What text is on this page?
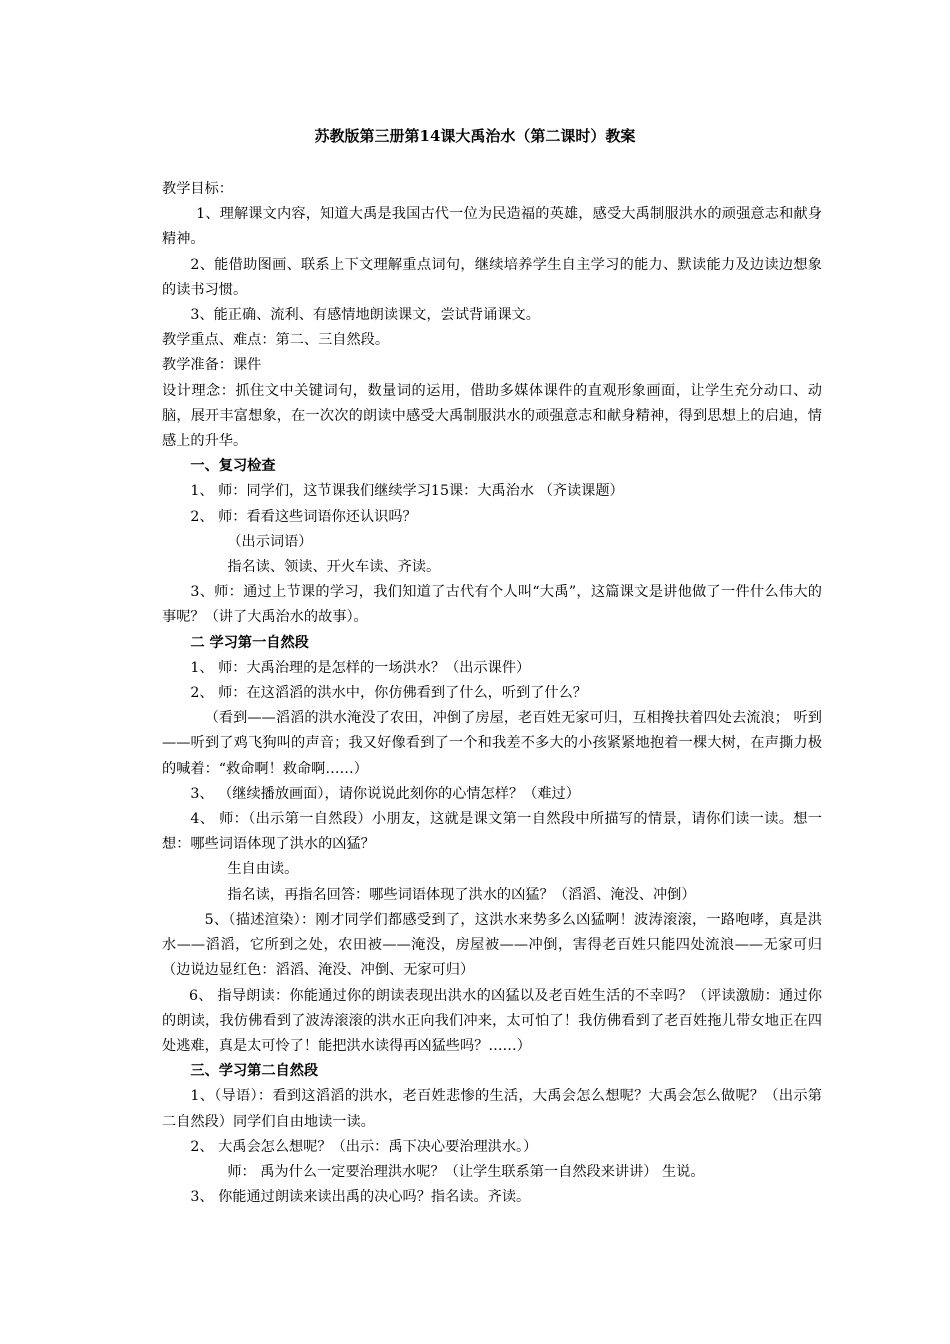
苏教版第三册第14课大禹治水（第二课时）教案

教学目标：

1、理解课文内容，知道大禹是我国古代一位为民造福的英雄，感受大禹制服洪水的顽强意志和献身精神。

2、能借助图画、联系上下文理解重点词句，继续培养学生自主学习的能力、默读能力及边读边想象的读书习惯。

3、能正确、流利、有感情地朗读课文，尝试背诵课文。

教学重点、难点：第二、三自然段。

教学准备：课件

设计理念：抓住文中关键词句，数量词的运用，借助多媒体课件的直观形象画面，让学生充分动口、动脑，展开丰富想象，在一次次的朗读中感受大禹制服洪水的顽强意志和献身精神，得到思想上的启迪，情感上的升华。

一、复习检查

1、 师：同学们，这节课我们继续学习15课：大禹治水 （齐读课题）

2、 师：看看这些词语你还认识吗？

（出示词语）

指名读、领读、开火车读、齐读。

3、师：通过上节课的学习，我们知道了古代有个人叫“大禹”，这篇课文是讲他做了一件什么伟大的事呢？（讲了大禹治水的故事）。

二 学习第一自然段

1、 师：大禹治理的是怎样的一场洪水？（出示课件）

2、 师：在这滔滔的洪水中，你仿佛看到了什么，听到了什么？

（看到——滔滔的洪水淹没了农田，冲倒了房屋，老百姓无家可归，互相搀扶着四处去流浪； 听到——听到了鸡飞狗叫的声音；我又好像看到了一个和我差不多大的小孩紧紧地抱着一棵大树，在声撕力极的喊着：“救命啊！救命啊……）

3、 （继续播放画面），请你说说此刻你的心情怎样？（难过）

4、 师：（出示第一自然段）小朋友，这就是课文第一自然段中所描写的情景，请你们读一读。想一想：哪些词语体现了洪水的凶猛？

生自由读。

指名读，再指名回答：哪些词语体现了洪水的凶猛？（滔滔、淹没、冲倒）

5、（描述渲染）：刚才同学们都感受到了，这洪水来势多么凶猛啊！波涛滚滚，一路咆哮，真是洪水——滔滔，它所到之处，农田被——淹没，房屋被——冲倒，害得老百姓只能四处流浪——无家可归（边说边显红色：滔滔、淹没、冲倒、无家可归）

6、 指导朗读：你能通过你的朗读表现出洪水的凶猛以及老百姓生活的不幸吗？（评读激励：通过你的朗读，我仿佛看到了波涛滚滚的洪水正向我们冲来，太可怕了！我仿佛看到了老百姓拖儿带女地正在四处逃难，真是太可怜了！能把洪水读得再凶猛些吗？……）

三、学习第二自然段

1、（导语）：看到这滔滔的洪水，老百姓悲惨的生活，大禹会怎么想呢？大禹会怎么做呢？（出示第二自然段）同学们自由地读一读。

2、 大禹会怎么想呢？（出示：禹下决心要治理洪水。）

师： 禹为什么一定要治理洪水呢？（让学生联系第一自然段来讲讲） 生说。

3、 你能通过朗读来读出禹的决心吗？指名读。齐读。
